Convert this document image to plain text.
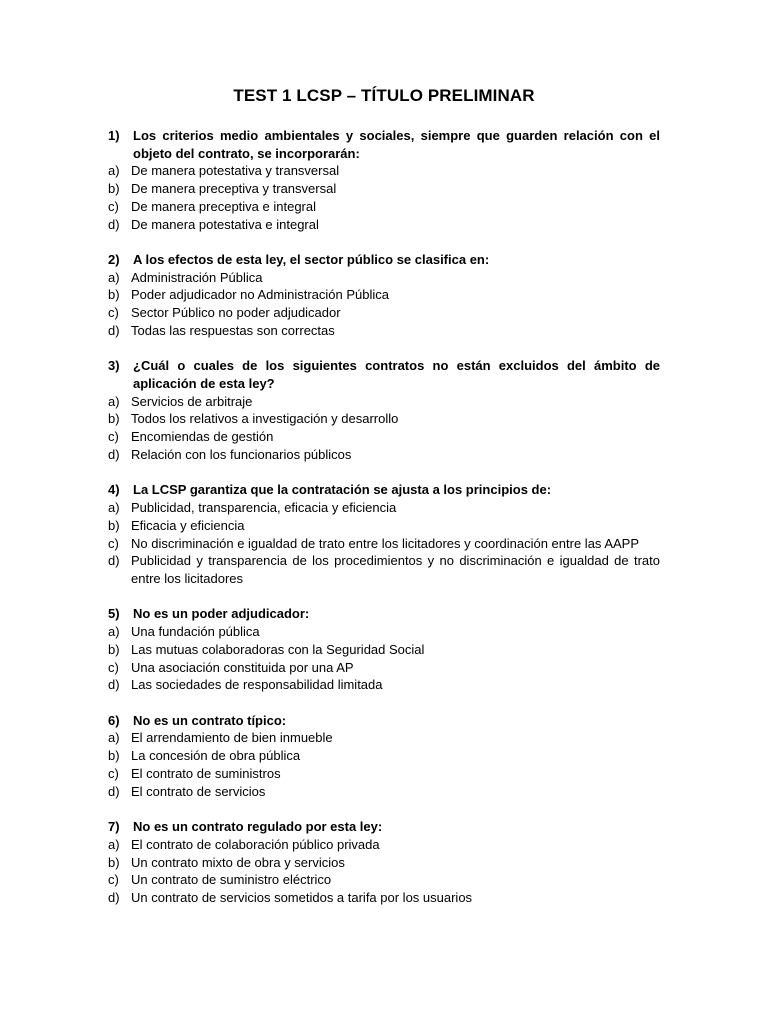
TEST 1 LCSP – TÍTULO PRELIMINAR
1)	Los criterios medio ambientales y sociales, siempre que guarden relación con el objeto del contrato, se incorporarán:
a) De manera potestativa y transversal
b) De manera preceptiva y transversal
c) De manera preceptiva e integral
d) De manera potestativa e integral
2)	A los efectos de esta ley, el sector público se clasifica en:
a) Administración Pública
b) Poder adjudicador no Administración Pública
c) Sector Público no poder adjudicador
d) Todas las respuestas son correctas
3)	¿Cuál o cuales de los siguientes contratos no están excluidos del ámbito de aplicación de esta ley?
a) Servicios de arbitraje
b) Todos los relativos a investigación y desarrollo
c) Encomiendas de gestión
d) Relación con los funcionarios públicos
4)	La LCSP garantiza que la contratación se ajusta a los principios de:
a) Publicidad, transparencia, eficacia y eficiencia
b) Eficacia y eficiencia
c) No discriminación e igualdad de trato entre los licitadores y coordinación entre las AAPP
d) Publicidad y transparencia de los procedimientos y no discriminación e igualdad de trato entre los licitadores
5)	No es un poder adjudicador:
a) Una fundación pública
b) Las mutuas colaboradoras con la Seguridad Social
c) Una asociación constituida por una AP
d) Las sociedades de responsabilidad limitada
6)	No es un contrato típico:
a) El arrendamiento de bien inmueble
b) La concesión de obra pública
c) El contrato de suministros
d) El contrato de servicios
7)	No es un contrato regulado por esta ley:
a) El contrato de colaboración público privada
b) Un contrato mixto de obra y servicios
c) Un contrato de suministro eléctrico
d) Un contrato de servicios sometidos a tarifa por los usuarios
